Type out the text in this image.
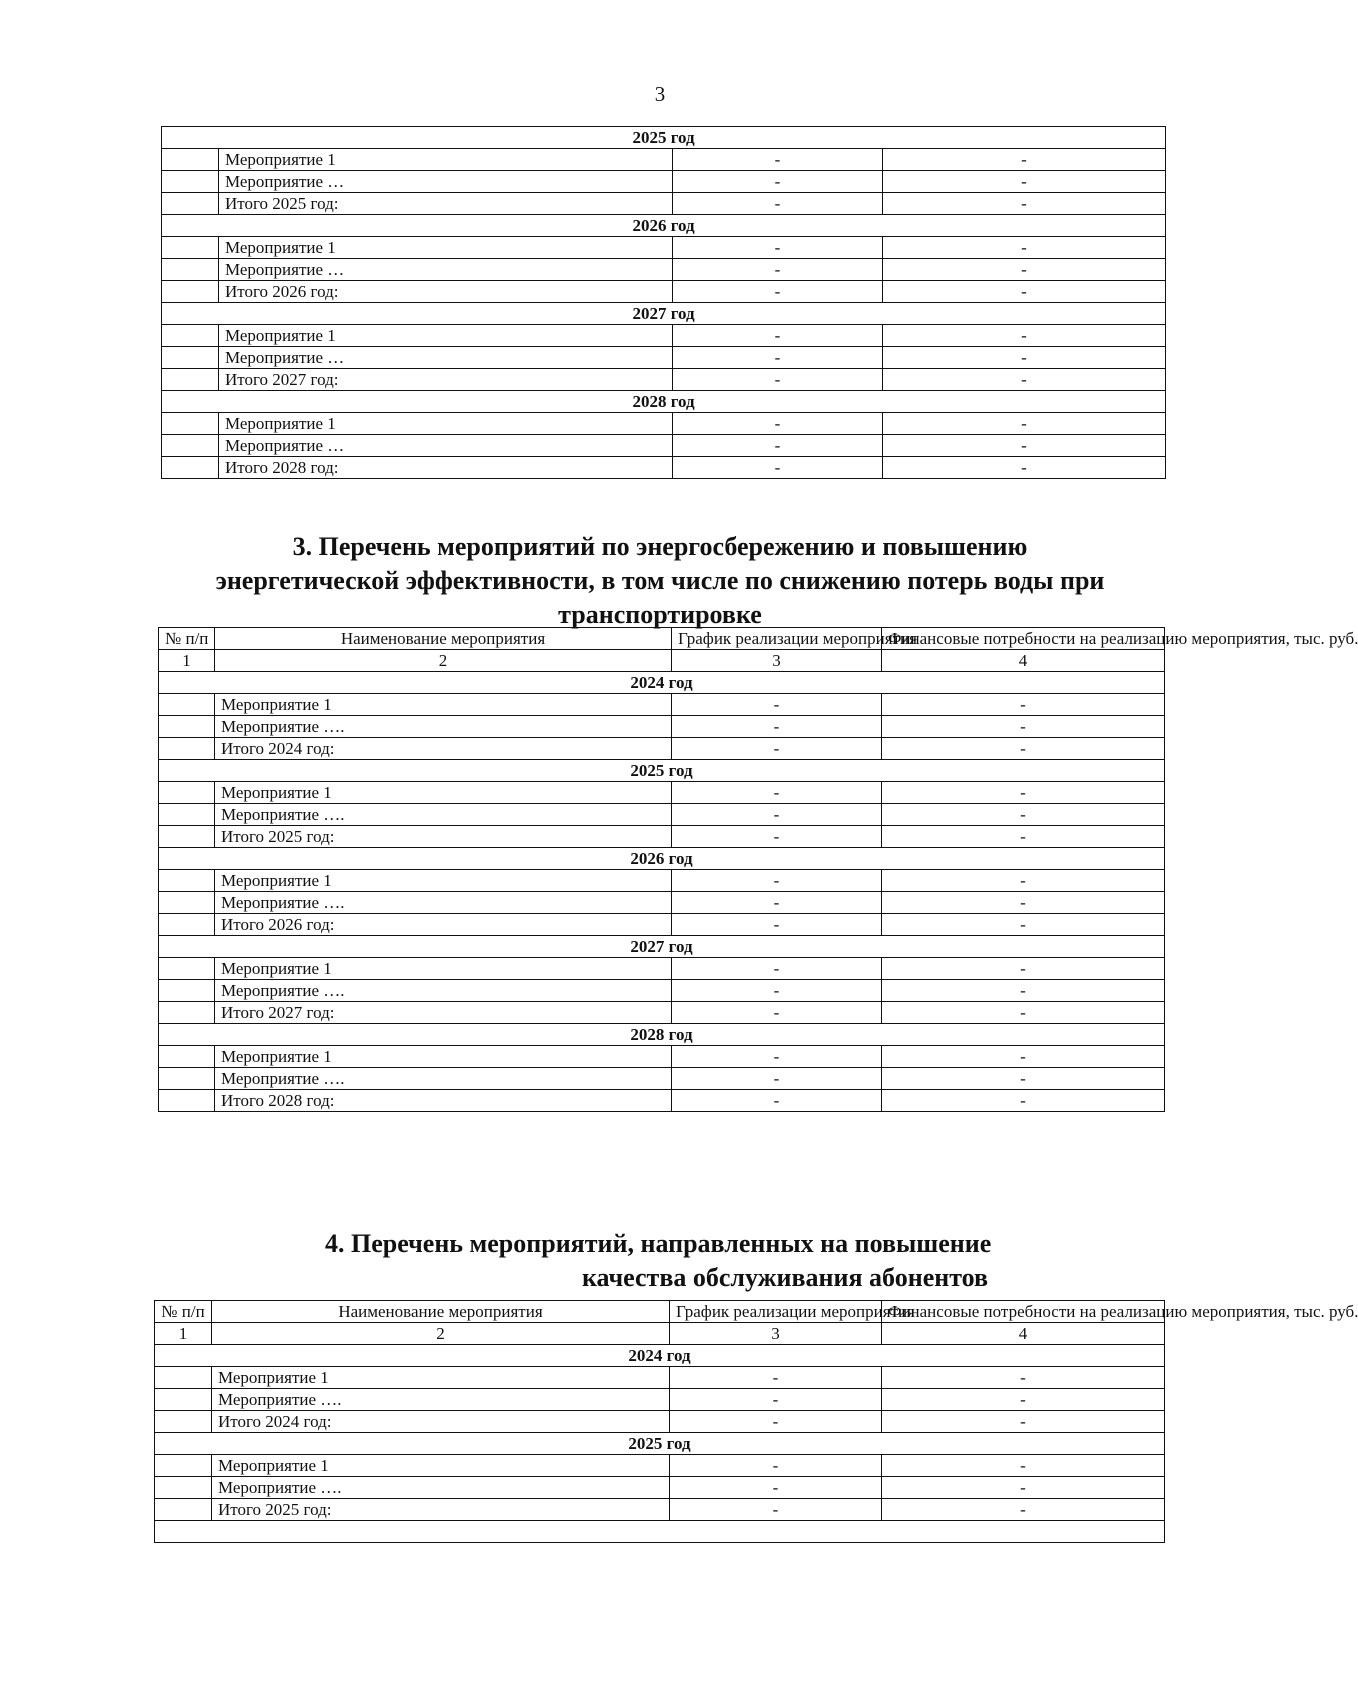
3
2025 год			
	Мероприятие 1	-	-
	Мероприятие …	-	-
	Итого 2025 год:	-	-
2026 год			
	Мероприятие 1	-	-
	Мероприятие …	-	-
	Итого 2026 год:	-	-
2027 год			
	Мероприятие 1	-	-
	Мероприятие …	-	-
	Итого 2027 год:	-	-
2028 год			
	Мероприятие 1	-	-
	Мероприятие …	-	-
	Итого 2028 год:	-	-
3. Перечень мероприятий по энергосбережению и повышению
энергетической эффективности, в том числе по снижению потерь воды при
транспортировке
№ п/п	Наименование мероприятия	График реализации мероприятия	Финансовые потребности на реализацию мероприятия, тыс. руб.
1	2	3	4
2024 год			
	Мероприятие 1	-	-
	Мероприятие ….	-	-
	Итого 2024 год:	-	-
2025 год			
	Мероприятие 1	-	-
	Мероприятие ….	-	-
	Итого 2025 год:	-	-
2026 год			
	Мероприятие 1	-	-
	Мероприятие ….	-	-
	Итого 2026 год:	-	-
2027 год			
	Мероприятие 1	-	-
	Мероприятие ….	-	-
	Итого 2027 год:	-	-
2028 год			
	Мероприятие 1	-	-
	Мероприятие ….	-	-
	Итого 2028 год:	-	-
4. Перечень мероприятий, направленных на повышение
качества обслуживания абонентов
№ п/п	Наименование мероприятия	График реализации мероприятия	Финансовые потребности на реализацию мероприятия, тыс. руб.
1	2	3	4
2024 год			
	Мероприятие 1	-	-
	Мероприятие ….	-	-
	Итого 2024 год:	-	-
2025 год			
	Мероприятие 1	-	-
	Мероприятие ….	-	-
	Итого 2025 год:	-	-
